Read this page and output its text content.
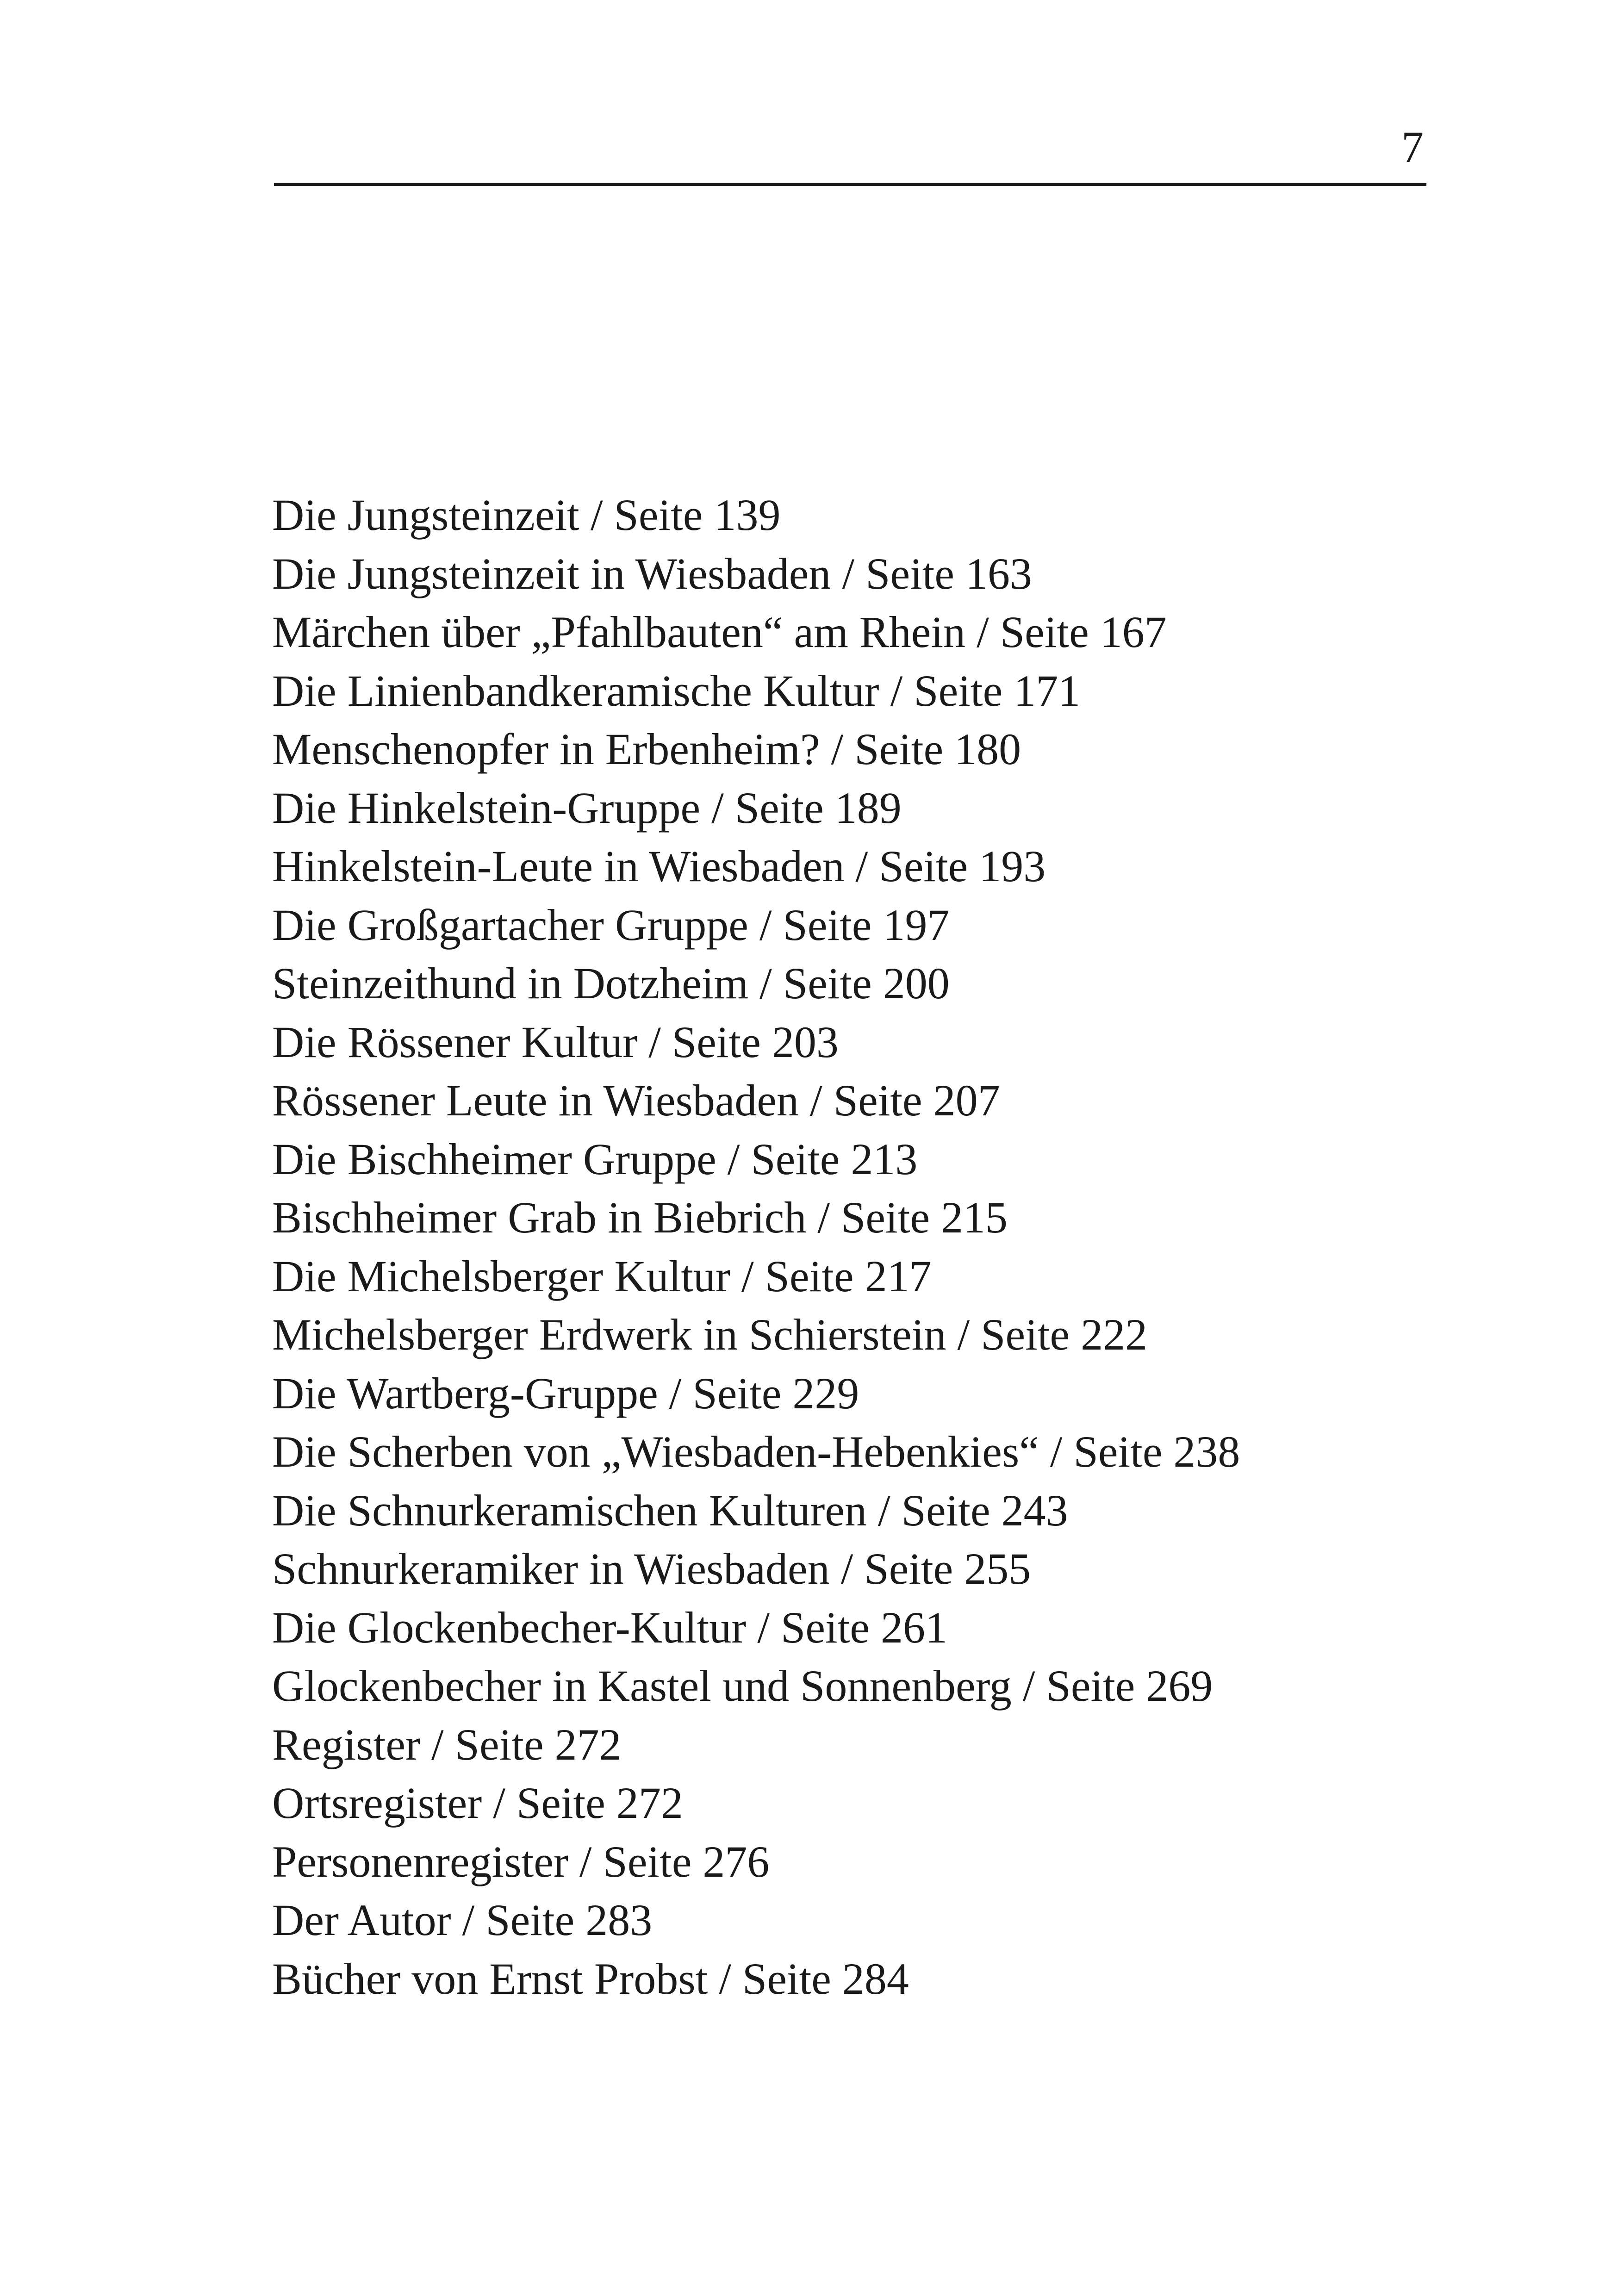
7
Die Jungsteinzeit / Seite 139
Die Jungsteinzeit in Wiesbaden / Seite 163
Märchen über „Pfahlbauten“ am Rhein / Seite 167
Die Linienbandkeramische Kultur / Seite 171
Menschenopfer in Erbenheim? / Seite 180
Die Hinkelstein-Gruppe / Seite 189
Hinkelstein-Leute in Wiesbaden / Seite 193
Die Großgartacher Gruppe / Seite 197
Steinzeithund in Dotzheim / Seite 200
Die Rössener Kultur / Seite 203
Rössener Leute in Wiesbaden / Seite 207
Die Bischheimer Gruppe / Seite 213
Bischheimer Grab in Biebrich / Seite 215
Die Michelsberger Kultur / Seite 217
Michelsberger Erdwerk in Schierstein / Seite 222
Die Wartberg-Gruppe / Seite 229
Die Scherben von „Wiesbaden-Hebenkies“ / Seite 238
Die Schnurkeramischen Kulturen / Seite 243
Schnurkeramiker in Wiesbaden / Seite 255
Die Glockenbecher-Kultur / Seite 261
Glockenbecher in Kastel und Sonnenberg / Seite 269
Register / Seite 272
Ortsregister / Seite 272
Personenregister / Seite 276
Der Autor / Seite 283
Bücher von Ernst Probst / Seite 284
